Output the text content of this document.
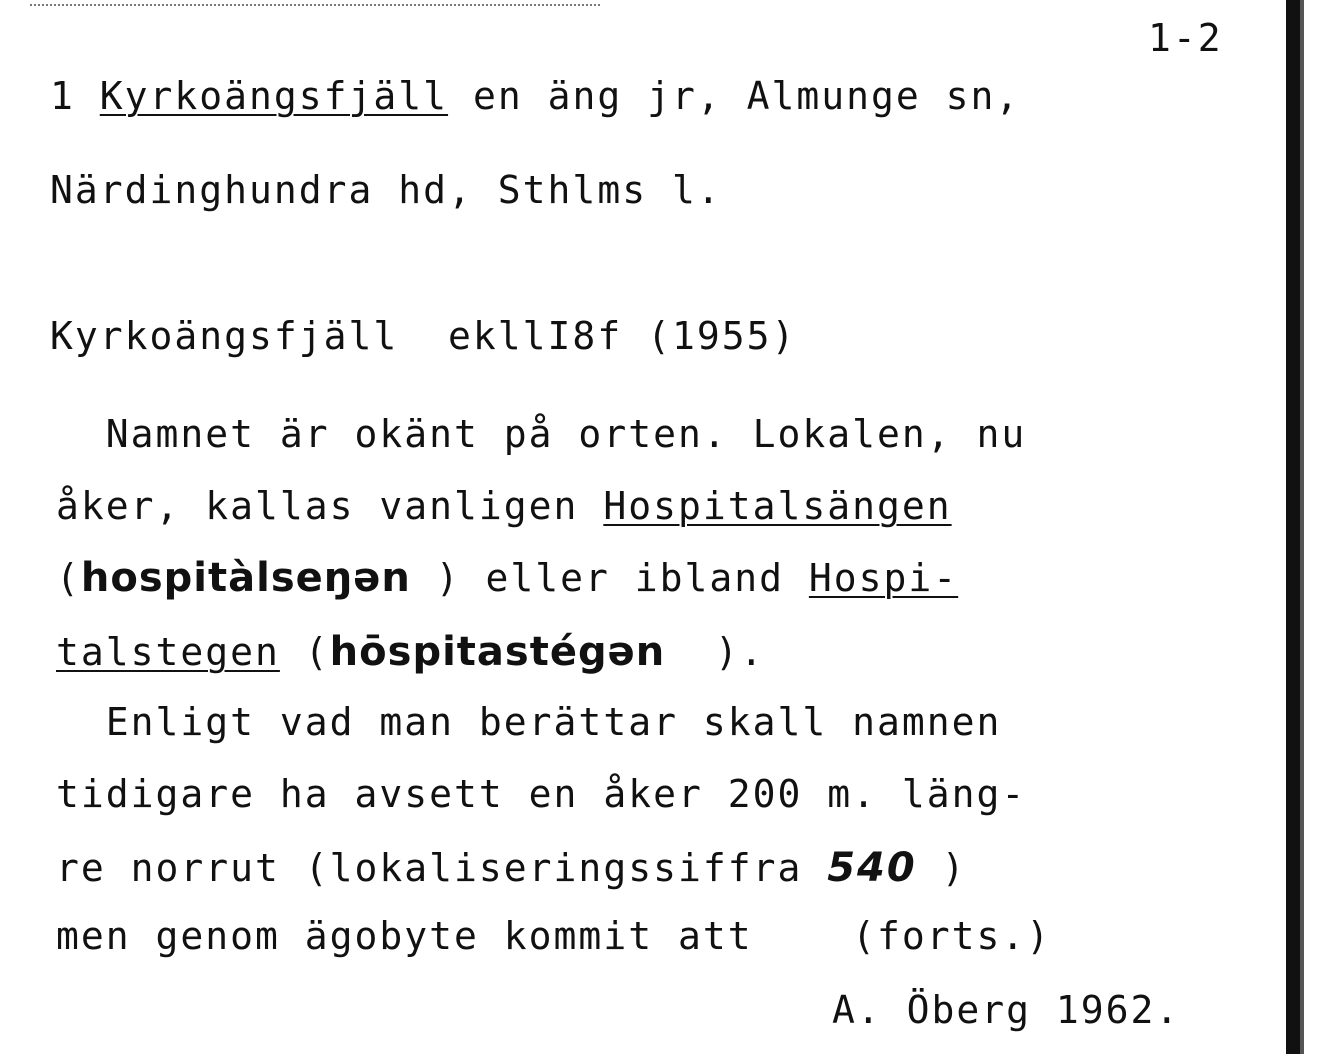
1-2
1 Kyrkoängsfjäll en äng jr, Almunge sn,
Närdinghundra hd, Sthlms l.
Kyrkoängsfjäll  ekllI8f (1955)
Namnet är okänt på orten. Lokalen, nu
åker, kallas vanligen Hospitalsängen
(hospitàlseŋən ) eller ibland Hospi-
talstegen (hōspitastégən  ).
Enligt vad man berättar skall namnen
tidigare ha avsett en åker 200 m. läng-
re norrut (lokaliseringssiffra 540 )
men genom ägobyte kommit att    (forts.)
A. Öberg 1962.
